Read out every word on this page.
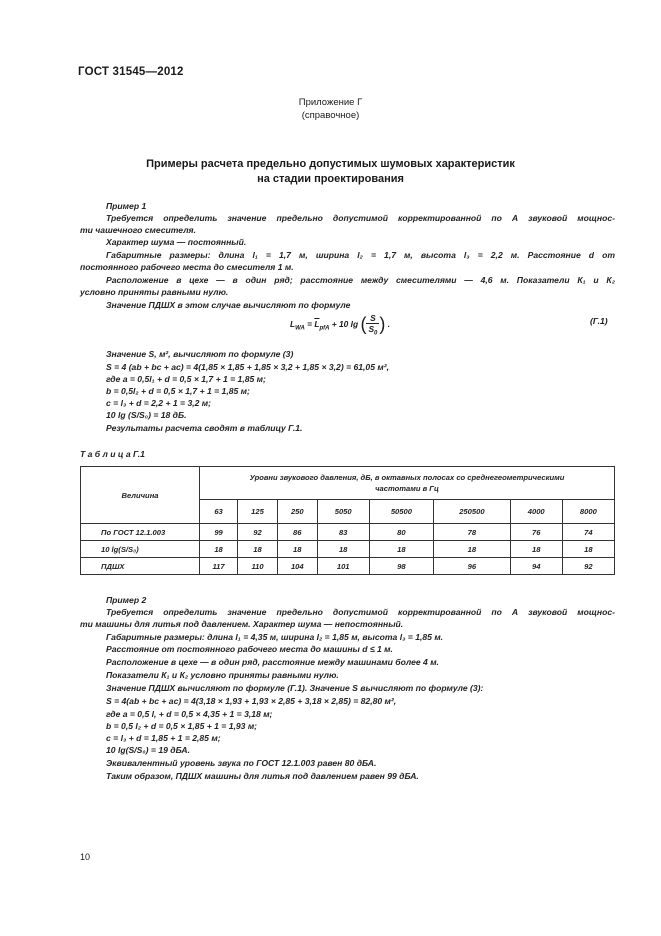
ГОСТ 31545—2012
Приложение Г
(справочное)
Примеры расчета предельно допустимых шумовых характеристик
на стадии проектирования
Пример 1
Требуется определить значение предельно допустимой корректированной по А звуковой мощнос-
ти чашечного смесителя.
Характер шума — постоянный.
Габаритные размеры: длина l₁ = 1,7 м, ширина l₂ = 1,7 м, высота l₃ = 2,2 м. Расстояние d от
постоянного рабочего места до смесителя 1 м.
Расположение в цехе — в один ряд; расстояние между смесителями — 4,6 м. Показатели К₁ и К₂
условно приняты равными нулю.
Значение ПДШХ в этом случае вычисляют по формуле
$L_{WA} = \overline{L}_{pfA} + 10$ lg ( $\frac{S}{S_0}$ ) .	(Г.1)
Значение S, м², вычисляют по формуле (3)
S = 4 (ab + bc + ac) = 4(1,85 × 1,85 + 1,85 × 3,2 + 1,85 × 3,2) = 61,05 м²,
где a = 0,5l₁ + d = 0,5 × 1,7 + 1 = 1,85 м;
b = 0,5l₂ + d = 0,5 × 1,7 + 1 = 1,85 м;
c = l₃ + d = 2,2 + 1 = 3,2 м;
10 lg (S/S₀) = 18 дБ.
Результаты расчета сводят в таблицу Г.1.
Т а б л и ц а Г.1
Величина	Уровни звукового давления, дБ, в октавных полосах со среднегеометрическими
частотами в Гц							
	63	125	250	5050	50500	250500	4000	8000
По ГОСТ 12.1.003	99	92	86	83	80	78	76	74
10 lg(S/S₀)	18	18	18	18	18	18	18	18
ПДШХ	117	110	104	101	98	96	94	92
Пример 2
Требуется определить значение предельно допустимой корректированной по А звуковой мощнос-
ти машины для литья под давлением. Характер шума — непостоянный.
Габаритные размеры: длина l₁ = 4,35 м, ширина l₂ = 1,85 м, высота l₃ = 1,85 м.
Расстояние от постоянного рабочего места до машины d ≤ 1 м.
Расположение в цехе — в один ряд, расстояние между машинами более 4 м.
Показатели К₁ и К₂ условно приняты равными нулю.
Значение ПДШХ вычисляют по формуле (Г.1). Значение S вычисляют по формуле (3):
S = 4(ab + bc + ac) = 4(3,18 × 1,93 + 1,93 × 2,85 + 3,18 × 2,85) = 82,80 м²,
где a = 0,5 l, + d = 0,5 × 4,35 + 1 = 3,18 м;
b = 0,5 l₂ + d = 0,5 × 1,85 + 1 = 1,93 м;
c = l₃ + d = 1,85 + 1 = 2,85 м;
10 lg(S/S₀) = 19 дБА.
Эквивалентный уровень звука по ГОСТ 12.1.003 равен 80 дБА.
Таким образом, ПДШХ машины для литья под давлением равен 99 дБА.
10
